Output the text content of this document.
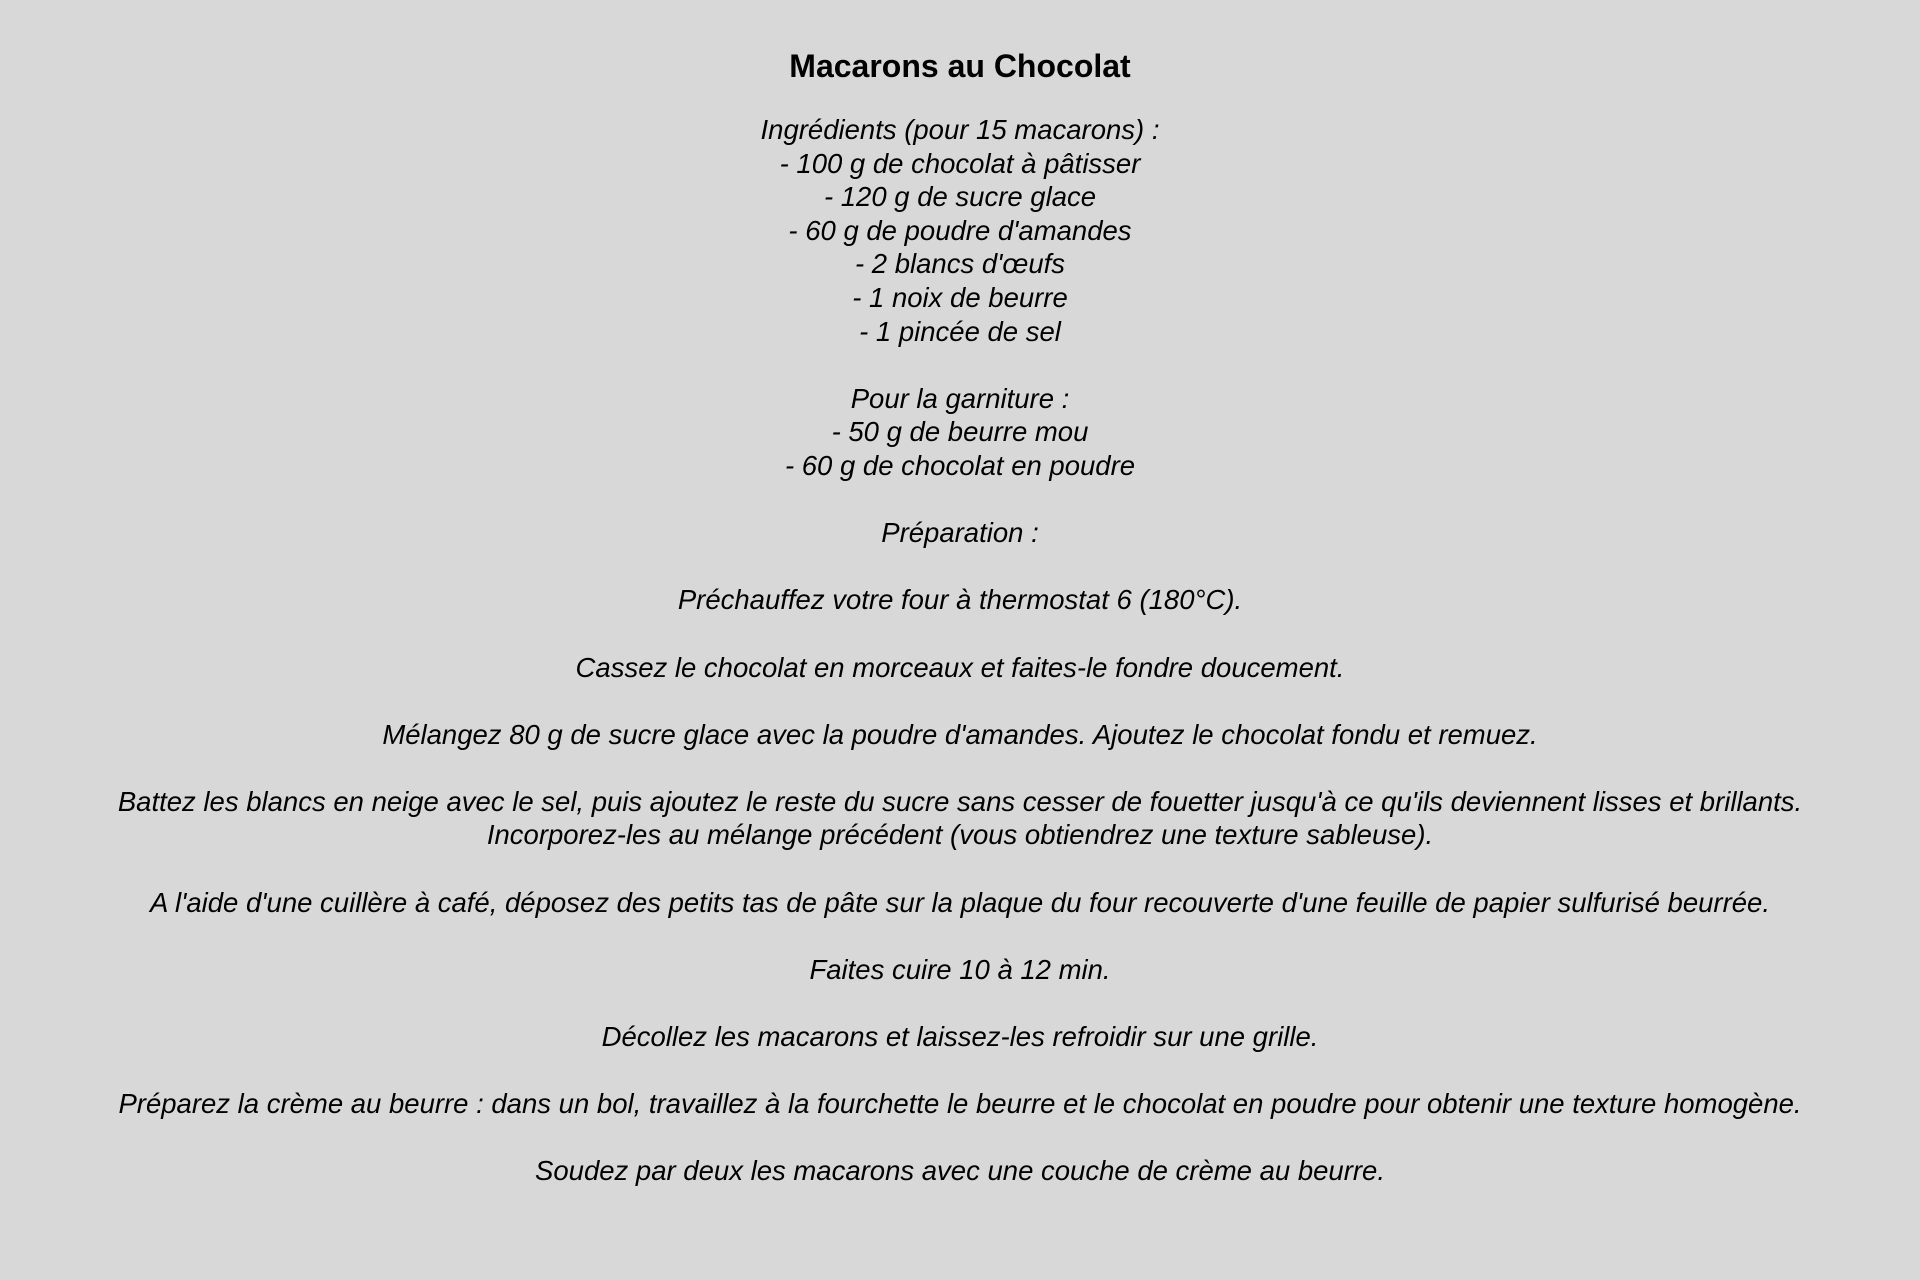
Macarons au Chocolat
Ingrédients (pour 15 macarons) :
- 100 g de chocolat à pâtisser
- 120 g de sucre glace
- 60 g de poudre d'amandes
- 2 blancs d'œufs
- 1 noix de beurre
- 1 pincée de sel
Pour la garniture :
- 50 g de beurre mou
- 60 g de chocolat en poudre
Préparation :
Préchauffez votre four à thermostat 6 (180°C).
Cassez le chocolat en morceaux et faites-le fondre doucement.
Mélangez 80 g de sucre glace avec la poudre d'amandes. Ajoutez le chocolat fondu et remuez.
Battez les blancs en neige avec le sel, puis ajoutez le reste du sucre sans cesser de fouetter jusqu'à ce qu'ils deviennent lisses et brillants.
Incorporez-les au mélange précédent (vous obtiendrez une texture sableuse).
A l'aide d'une cuillère à café, déposez des petits tas de pâte sur la plaque du four recouverte d'une feuille de papier sulfurisé beurrée.
Faites cuire 10 à 12 min.
Décollez les macarons et laissez-les refroidir sur une grille.
Préparez la crème au beurre : dans un bol, travaillez à la fourchette le beurre et le chocolat en poudre pour obtenir une texture homogène.
Soudez par deux les macarons avec une couche de crème au beurre.
